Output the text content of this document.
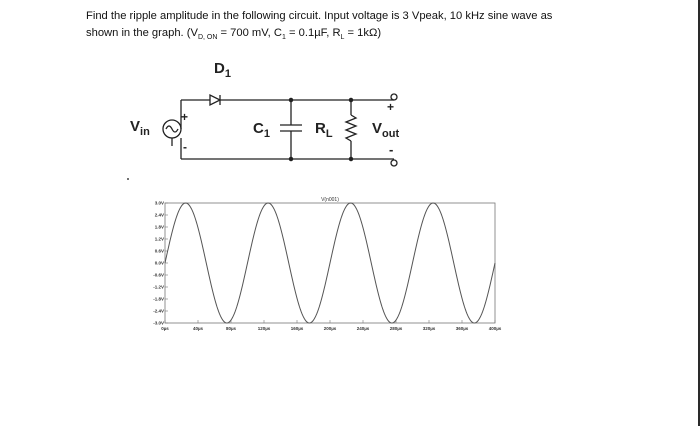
Find the ripple amplitude in the following circuit. Input voltage is 3 Vpeak, 10 kHz sine wave as
shown in the graph. ($V_{D, ON} = 700$ mV, $C_1 = 0.1\mu F$, $R_L = 1k\Omega$)
$D_1$
$V_{in}$
+
-
$C_1$	$R_L$	$V_{out}$
+
-
V(n001)
3.0V
2.4V
1.8V
1.2V
0.6V
0.0V
-0.6V
-1.2V
-1.8V
-2.4V
-3.0V
0µs	40µs	80µs	120µs	160µs	200µs	240µs	280µs	320µs	360µs	400µs
